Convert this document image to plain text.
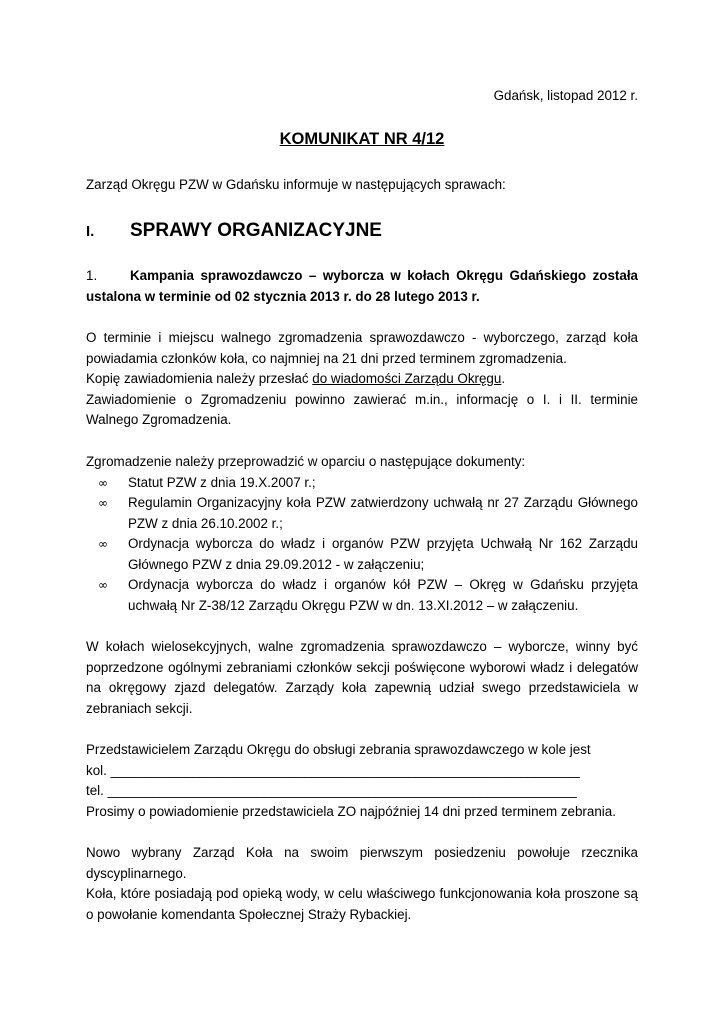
Gdańsk, listopad 2012 r.

KOMUNIKAT NR 4/12

Zarząd Okręgu PZW w Gdańsku informuje w następujących sprawach:

I. SPRAWY ORGANIZACYJNE

1. Kampania sprawozdawczo – wyborcza w kołach Okręgu Gdańskiego została ustalona w terminie od 02 stycznia 2013 r. do 28 lutego 2013 r.

O terminie i miejscu walnego zgromadzenia sprawozdawczo - wyborczego, zarząd koła powiadamia członków koła, co najmniej na 21 dni przed terminem zgromadzenia.

Kopię zawiadomienia należy przesłać do wiadomości Zarządu Okręgu.

Zawiadomienie o Zgromadzeniu powinno zawierać m.in., informację o I. i II. terminie Walnego Zgromadzenia.

Zgromadzenie należy przeprowadzić w oparciu o następujące dokumenty:

∞	Statut PZW z dnia 19.X.2007 r.;
∞	Regulamin Organizacyjny koła PZW zatwierdzony uchwałą nr 27 Zarządu Głównego PZW z dnia 26.10.2002 r.;
∞	Ordynacja wyborcza do władz i organów PZW przyjęta Uchwałą Nr 162 Zarządu Głównego PZW z dnia 29.09.2012 - w załączeniu;
∞	Ordynacja wyborcza do władz i organów kół PZW – Okręg w Gdańsku przyjęta uchwałą Nr Z-38/12 Zarządu Okręgu PZW w dn. 13.XI.2012 – w załączeniu.

W kołach wielosekcyjnych, walne zgromadzenia sprawozdawczo – wyborcze, winny być poprzedzone ogólnymi zebraniami członków sekcji poświęcone wyborowi władz i delegatów na okręgowy zjazd delegatów. Zarządy koła zapewnią udział swego przedstawiciela w zebraniach sekcji.

Przedstawicielem Zarządu Okręgu do obsługi zebrania sprawozdawczego w kole jest
kol. _______________________________________________________________
tel. _______________________________________________________________
Prosimy o powiadomienie przedstawiciela ZO najpóźniej 14 dni przed terminem zebrania.

Nowo wybrany Zarząd Koła na swoim pierwszym posiedzeniu powołuje rzecznika dyscyplinarnego.

Koła, które posiadają pod opieką wody, w celu właściwego funkcjonowania koła proszone są o powołanie komendanta Społecznej Straży Rybackiej.
